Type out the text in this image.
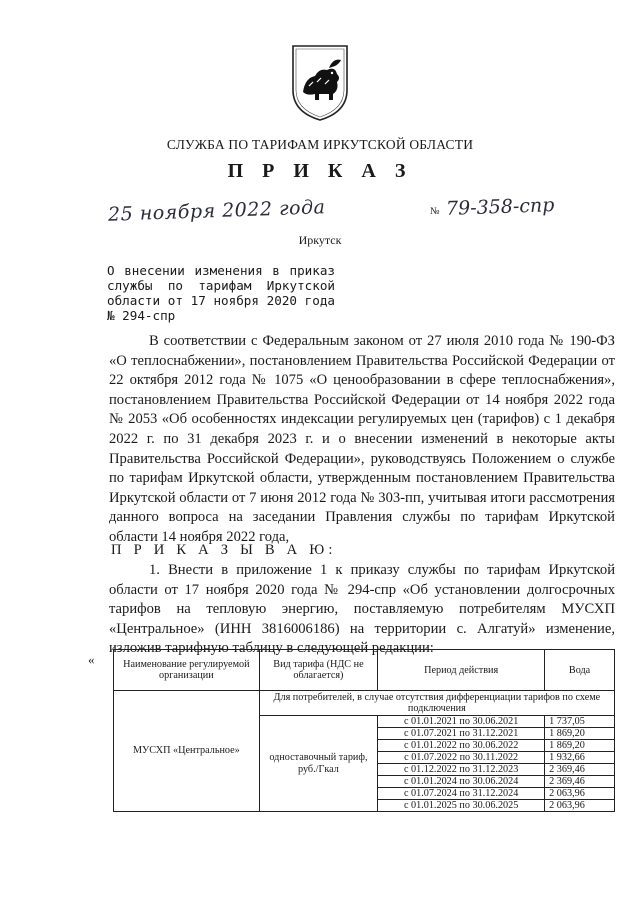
СЛУЖБА ПО ТАРИФАМ ИРКУТСКОЙ ОБЛАСТИ
П Р И К А З
25 ноября 2022 года	№ 79-358-спр
Иркутск
О внесении изменения в приказ службы по тарифам Иркутской области от 17 ноября 2020 года № 294-спр
В соответствии с Федеральным законом от 27 июля 2010 года № 190-ФЗ «О теплоснабжении», постановлением Правительства Российской Федерации от 22 октября 2012 года № 1075 «О ценообразовании в сфере теплоснабжения», постановлением Правительства Российской Федерации от 14 ноября 2022 года № 2053 «Об особенностях индексации регулируемых цен (тарифов) с 1 декабря 2022 г. по 31 декабря 2023 г. и о внесении изменений в некоторые акты Правительства Российской Федерации», руководствуясь Положением о службе по тарифам Иркутской области, утвержденным постановлением Правительства Иркутской области от 7 июня 2012 года № 303-пп, учитывая итоги рассмотрения данного вопроса на заседании Правления службы по тарифам Иркутской области 14 ноября 2022 года,
П Р И К А З Ы В А Ю:
1. Внести в приложение 1 к приказу службы по тарифам Иркутской области от 17 ноября 2020 года № 294-спр «Об установлении долгосрочных тарифов на тепловую энергию, поставляемую потребителям МУСХП «Центральное» (ИНН 3816006186) на территории с. Алгатуй» изменение, изложив тарифную таблицу в следующей редакции:
«	Наименование регулируемой организации	Вид тарифа (НДС не облагается)	Период действия	Вода
МУСХП «Центральное»	Для потребителей, в случае отсутствия дифференциации тарифов по схеме подключения		
	одноставочный тариф, руб./Гкал	с 01.01.2021 по 30.06.2021	1 737,05
		с 01.07.2021 по 31.12.2021	1 869,20
		с 01.01.2022 по 30.06.2022	1 869,20
		с 01.07.2022 по 30.11.2022	1 932,66
		с 01.12.2022 по 31.12.2023	2 369,46
		с 01.01.2024 по 30.06.2024	2 369,46
		с 01.07.2024 по 31.12.2024	2 063,96
		с 01.01.2025 по 30.06.2025	2 063,96
